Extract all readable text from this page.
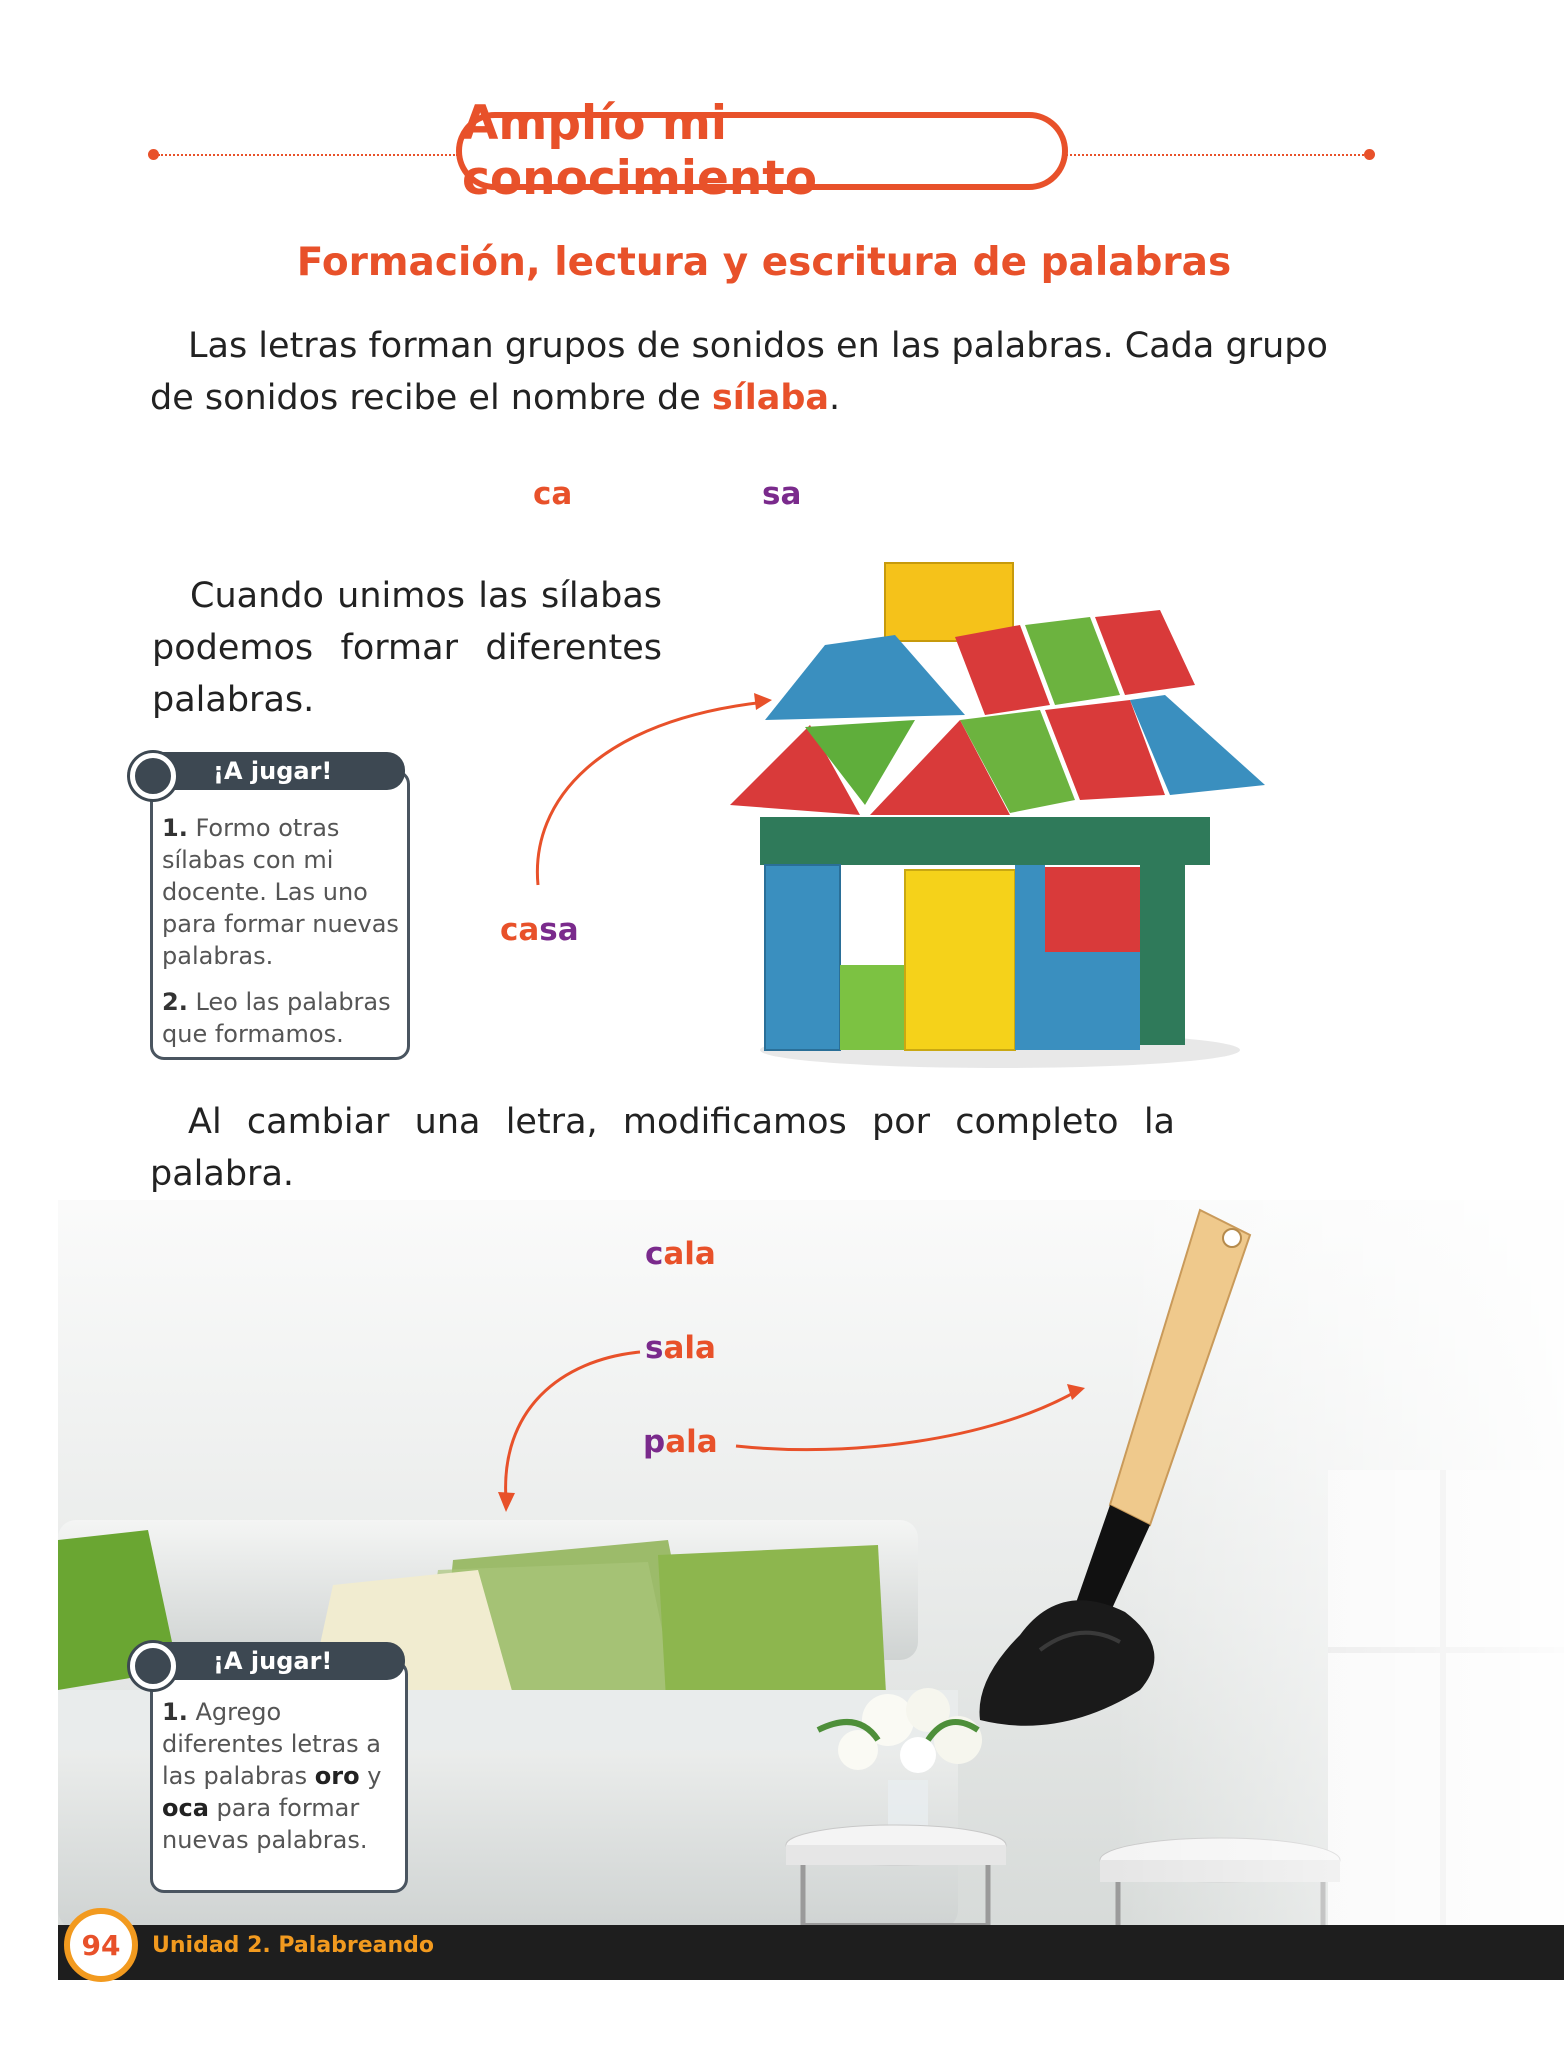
Amplío mi conocimiento
Formación, lectura y escritura de palabras
Las letras forman grupos de sonidos en las palabras. Cada grupo de sonidos recibe el nombre de sílaba.
ca	sa
Cuando unimos las sílabas podemos formar diferentes palabras.
casa
¡A jugar!
1. Formo otras sílabas con mi docente. Las uno para formar nuevas palabras.
2. Leo las palabras que formamos.
Al cambiar una letra, modificamos por completo la palabra.
cala
sala
pala
¡A jugar!
1. Agrego diferentes letras a las palabras oro y oca para formar nuevas palabras.
94	Unidad 2. Palabreando
